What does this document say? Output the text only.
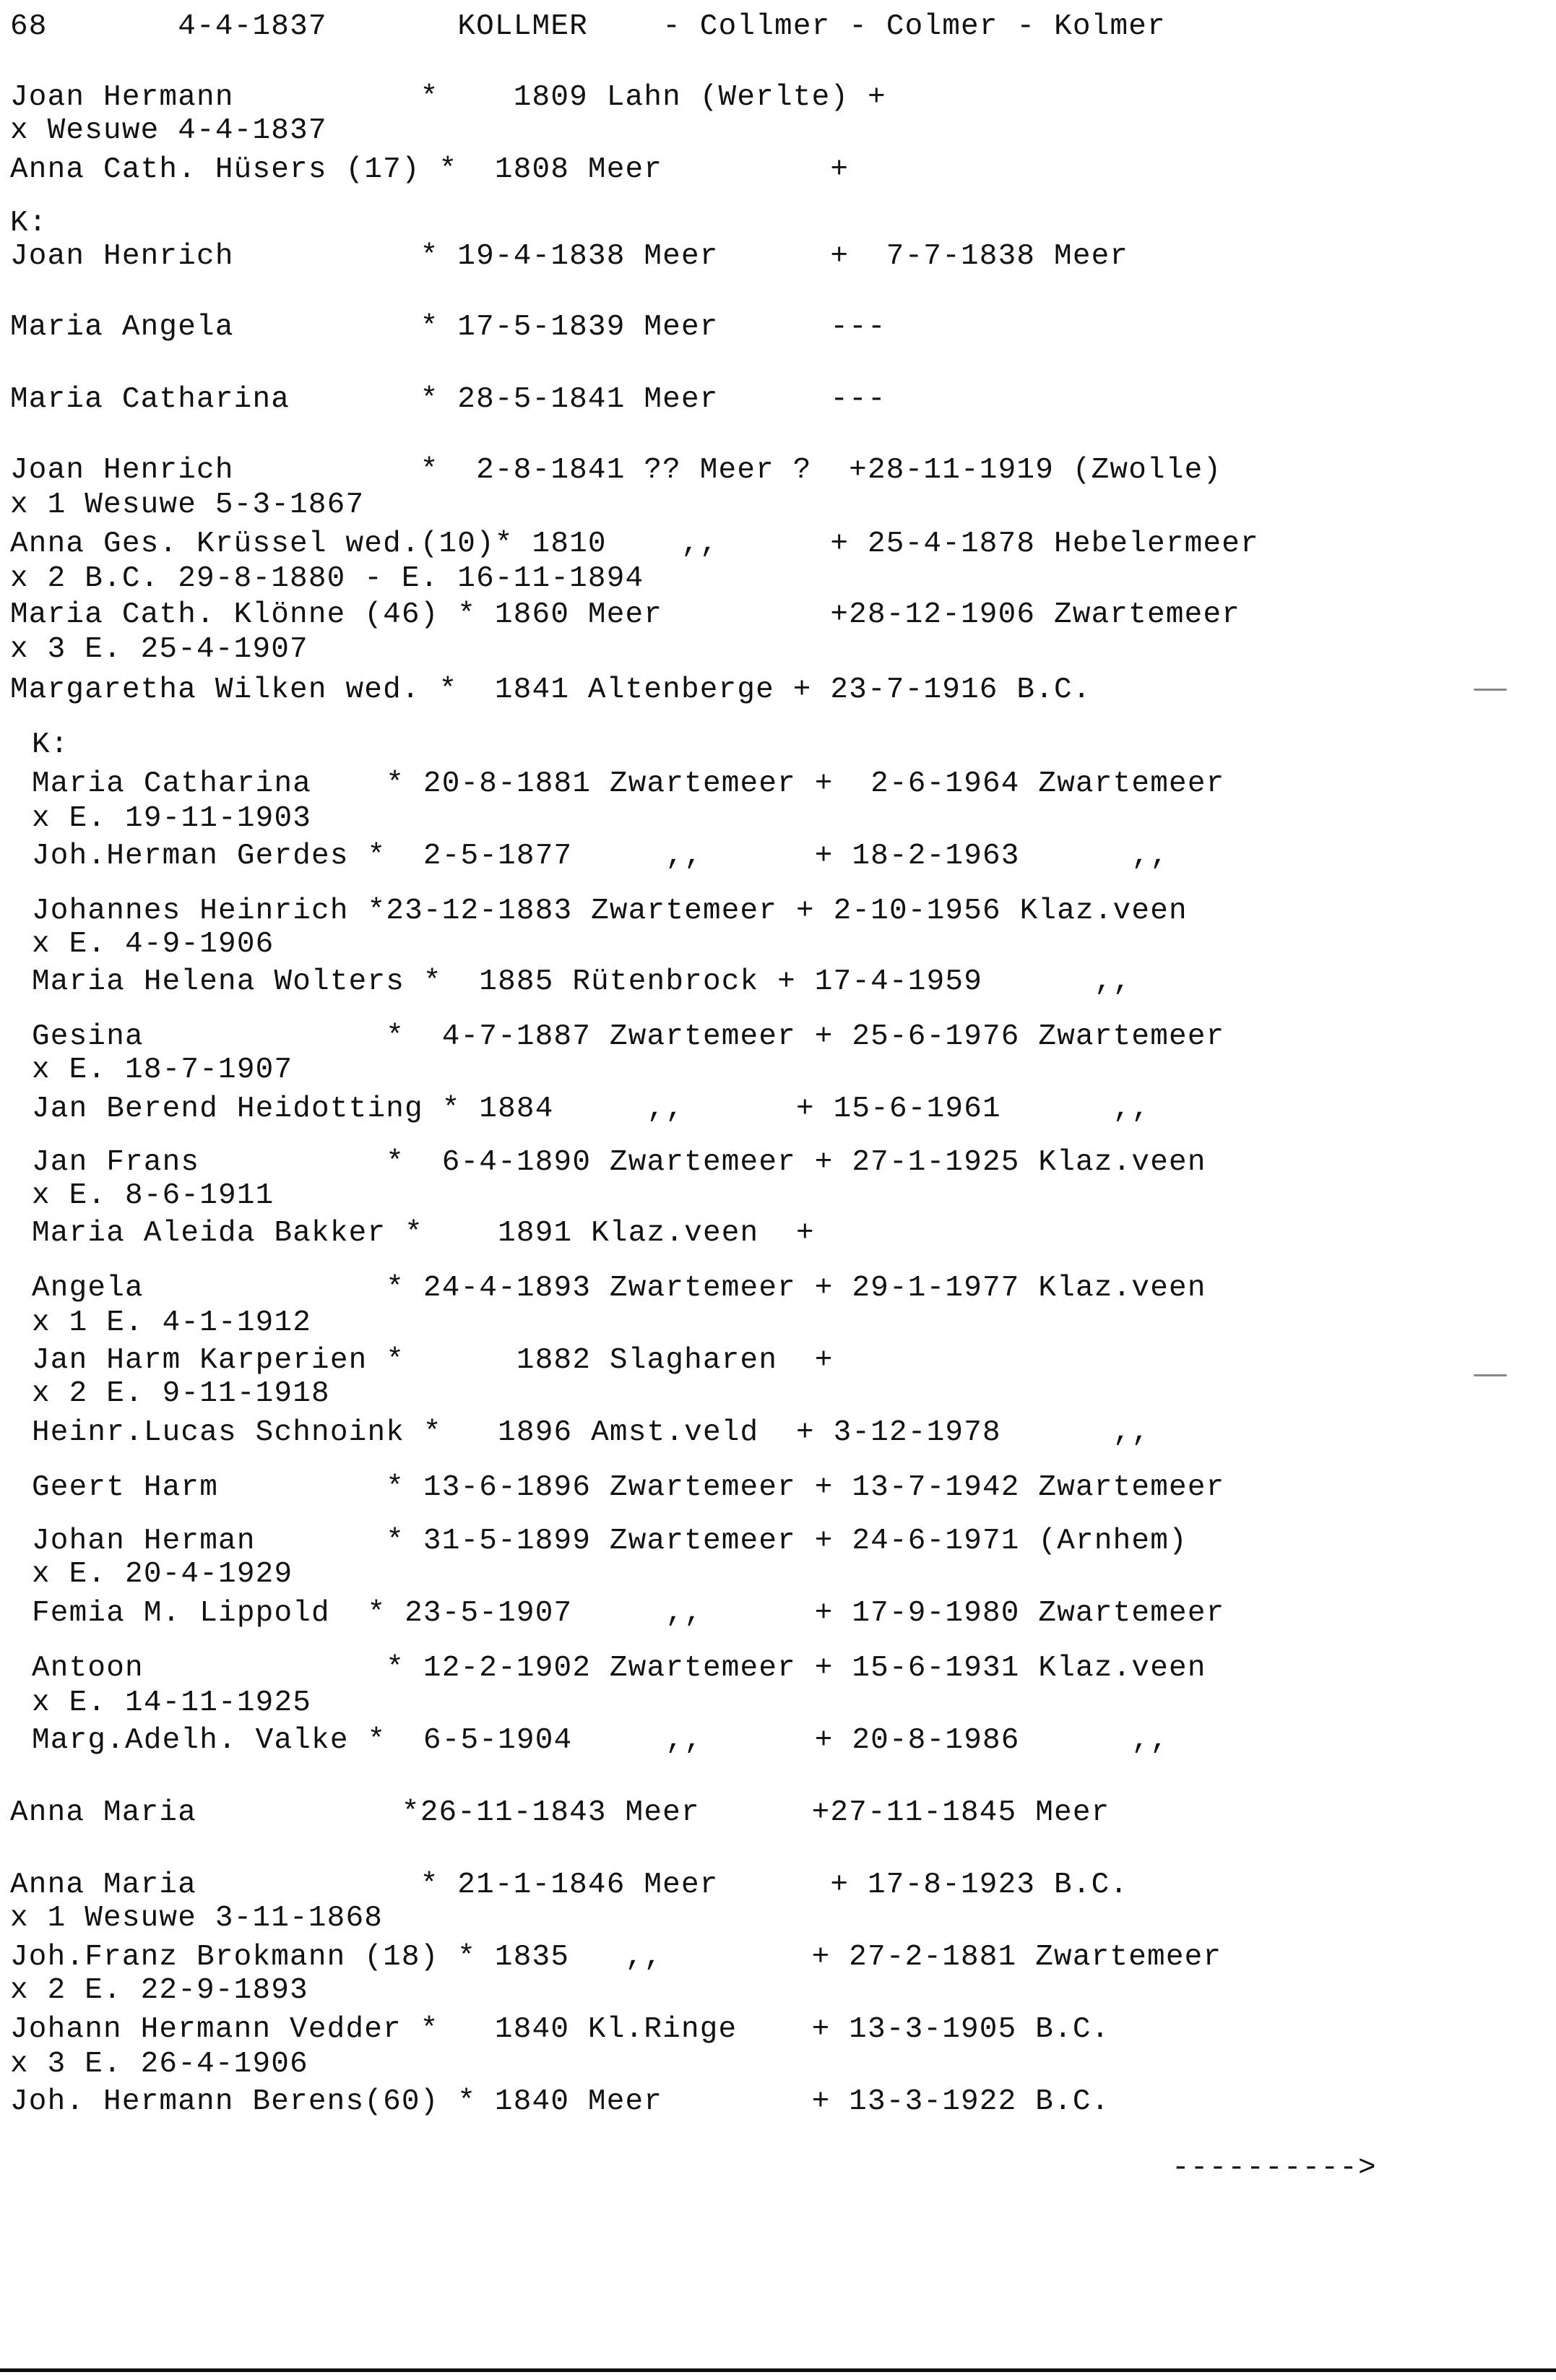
68	4-4-1837	KOLLMER	- Collmer - Colmer - Kolmer
Joan Hermann          *    1809 Lahn (Werlte) +
x Wesuwe 4-4-1837
Anna Cath. Hüsers (17) *  1808 Meer         +
K:
Joan Henrich          * 19-4-1838 Meer      +  7-7-1838 Meer
Maria Angela          * 17-5-1839 Meer      ---
Maria Catharina       * 28-5-1841 Meer      ---
Joan Henrich          *  2-8-1841 ?? Meer ?  +28-11-1919 (Zwolle)
x 1 Wesuwe 5-3-1867
Anna Ges. Krüssel wed.(10)* 1810    ,,      + 25-4-1878 Hebelermeer
x 2 B.C. 29-8-1880 - E. 16-11-1894
Maria Cath. Klönne (46) * 1860 Meer         +28-12-1906 Zwartemeer
x 3 E. 25-4-1907
Margaretha Wilken wed. *  1841 Altenberge + 23-7-1916 B.C.
K:
Maria Catharina    * 20-8-1881 Zwartemeer +  2-6-1964 Zwartemeer
x E. 19-11-1903
Joh.Herman Gerdes *  2-5-1877     ,,      + 18-2-1963      ,,
Johannes Heinrich *23-12-1883 Zwartemeer + 2-10-1956 Klaz.veen
x E. 4-9-1906
Maria Helena Wolters *  1885 Rütenbrock + 17-4-1959      ,,
Gesina             *  4-7-1887 Zwartemeer + 25-6-1976 Zwartemeer
x E. 18-7-1907
Jan Berend Heidotting * 1884     ,,      + 15-6-1961      ,,
Jan Frans          *  6-4-1890 Zwartemeer + 27-1-1925 Klaz.veen
x E. 8-6-1911
Maria Aleida Bakker *    1891 Klaz.veen  +
Angela             * 24-4-1893 Zwartemeer + 29-1-1977 Klaz.veen
x 1 E. 4-1-1912
Jan Harm Karperien *      1882 Slagharen  +
x 2 E. 9-11-1918
Heinr.Lucas Schnoink *   1896 Amst.veld  + 3-12-1978      ,,
Geert Harm         * 13-6-1896 Zwartemeer + 13-7-1942 Zwartemeer
Johan Herman       * 31-5-1899 Zwartemeer + 24-6-1971 (Arnhem)
x E. 20-4-1929
Femia M. Lippold  * 23-5-1907     ,,      + 17-9-1980 Zwartemeer
Antoon             * 12-2-1902 Zwartemeer + 15-6-1931 Klaz.veen
x E. 14-11-1925
Marg.Adelh. Valke *  6-5-1904     ,,      + 20-8-1986      ,,
Anna Maria           *26-11-1843 Meer      +27-11-1845 Meer
Anna Maria            * 21-1-1846 Meer      + 17-8-1923 B.C.
x 1 Wesuwe 3-11-1868
Joh.Franz Brokmann (18) * 1835   ,,        + 27-2-1881 Zwartemeer
x 2 E. 22-9-1893
Johann Hermann Vedder *   1840 Kl.Ringe    + 13-3-1905 B.C.
x 3 E. 26-4-1906
Joh. Hermann Berens(60) * 1840 Meer        + 13-3-1922 B.C.
---------->
